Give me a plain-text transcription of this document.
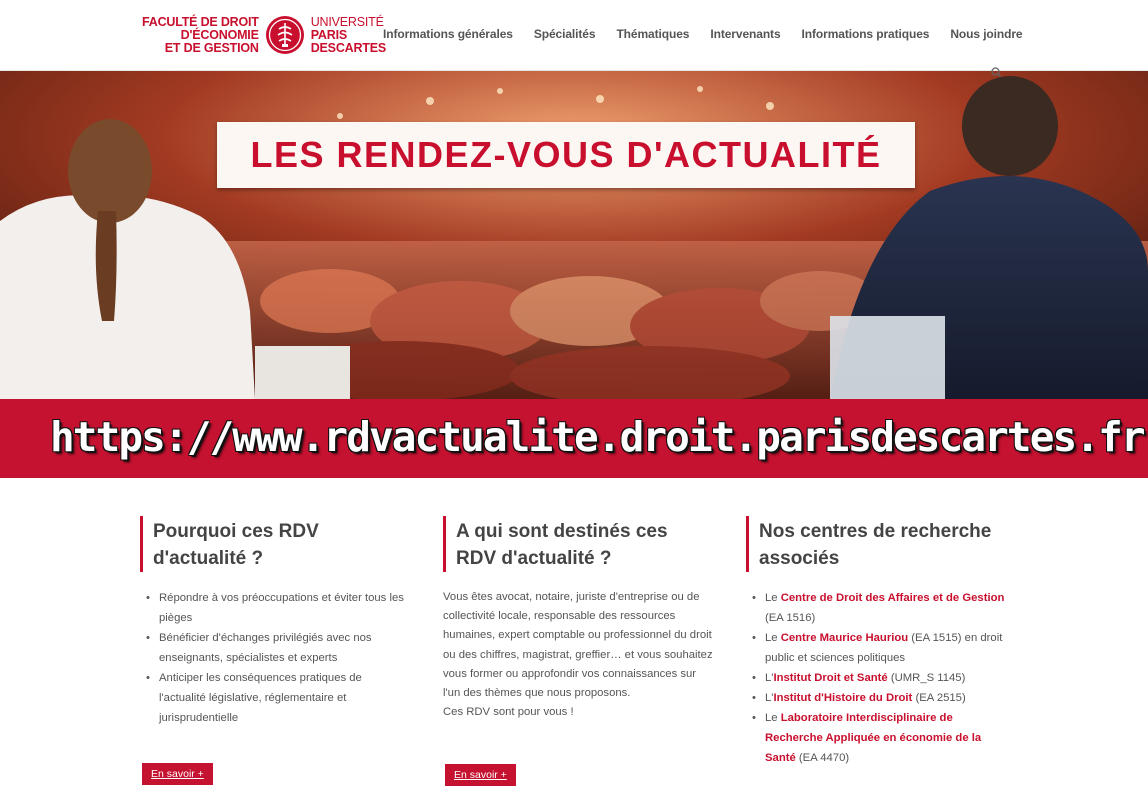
FACULTÉ DE DROIT
D'ÉCONOMIE
ET DE GESTION
UNIVERSITÉ
PARIS
DESCARTES
Informations générales Spécialités Thématiques Intervenants Informations pratiques Nous joindre
LES RENDEZ-VOUS D'ACTUALITÉ
https://www.rdvactualite.droit.parisdescartes.fr
Pourquoi ces RDV
d'actualité ?
• Répondre à vos préoccupations et éviter tous les pièges
• Bénéficier d'échanges privilégiés avec nos enseignants, spécialistes et experts
• Anticiper les conséquences pratiques de l'actualité législative, réglementaire et jurisprudentielle
En savoir +
A qui sont destinés ces
RDV d'actualité ?

Vous êtes avocat, notaire, juriste d'entreprise ou de collectivité locale, responsable des ressources humaines, expert comptable ou professionnel du droit ou des chiffres, magistrat, greffier… et vous souhaitez vous former ou approfondir vos connaissances sur l'un des thèmes que nous proposons.
Ces RDV sont pour vous !

En savoir +
Nos centres de recherche
associés
• Le Centre de Droit des Affaires et de Gestion (EA 1516)
• Le Centre Maurice Hauriou (EA 1515) en droit public et sciences politiques
• L'Institut Droit et Santé (UMR_S 1145)
• L'Institut d'Histoire du Droit (EA 2515)
• Le Laboratoire Interdisciplinaire de Recherche Appliquée en économie de la Santé (EA 4470)
